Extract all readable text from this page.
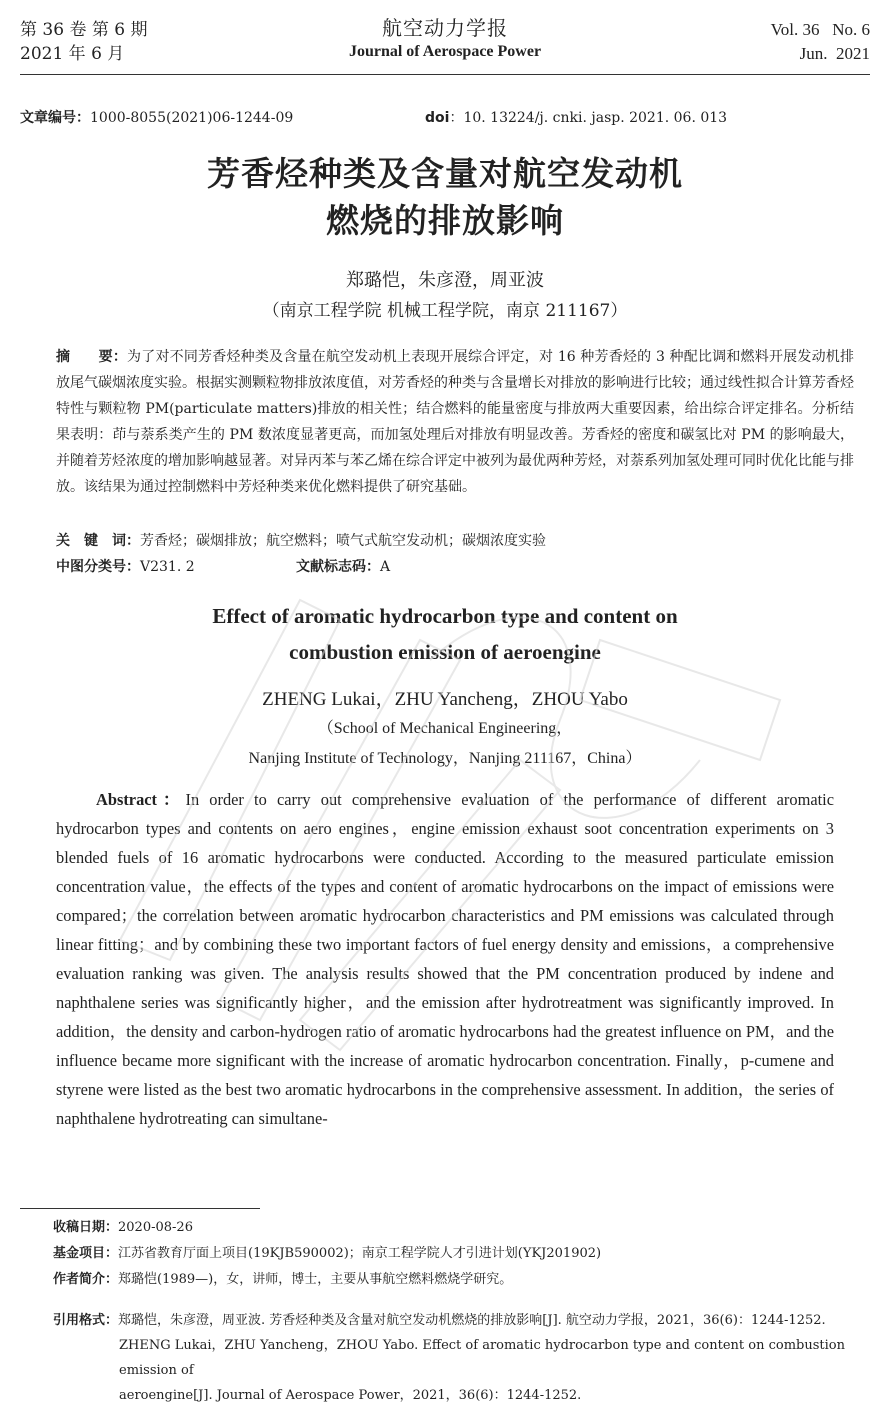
第 36 卷 第 6 期
2021 年 6 月
航空动力学报
Journal of Aerospace Power
Vol. 36   No. 6
Jun.  2021
文章编号：1000-8055(2021)06-1244-09	doi：10. 13224/j. cnki. jasp. 2021. 06. 013
芳香烃种类及含量对航空发动机
燃烧的排放影响
郑璐恺，朱彦澄，周亚波
（南京工程学院 机械工程学院，南京 211167）
摘　　要：为了对不同芳香烃种类及含量在航空发动机上表现开展综合评定，对 16 种芳香烃的 3 种配比调和燃料开展发动机排放尾气碳烟浓度实验。根据实测颗粒物排放浓度值，对芳香烃的种类与含量增长对排放的影响进行比较；通过线性拟合计算芳香烃特性与颗粒物 PM(particulate matters)排放的相关性；结合燃料的能量密度与排放两大重要因素，给出综合评定排名。分析结果表明：茚与萘系类产生的 PM 数浓度显著更高，而加氢处理后对排放有明显改善。芳香烃的密度和碳氢比对 PM 的影响最大，并随着芳烃浓度的增加影响越显著。对异丙苯与苯乙烯在综合评定中被列为最优两种芳烃，对萘系列加氢处理可同时优化比能与排放。该结果为通过控制燃料中芳烃种类来优化燃料提供了研究基础。
关　键　词：芳香烃；碳烟排放；航空燃料；喷气式航空发动机；碳烟浓度实验
中图分类号：V231. 2	文献标志码：A
Effect of aromatic hydrocarbon type and content on
combustion emission of aeroengine
ZHENG Lukai，ZHU Yancheng，ZHOU Yabo
（School of Mechanical Engineering，
Nanjing Institute of Technology，Nanjing 211167，China）
Abstract：In order to carry out comprehensive evaluation of the performance of different aromatic hydrocarbon types and contents on aero engines，engine emission exhaust soot concentration experiments on 3 blended fuels of 16 aromatic hydrocarbons were conducted. According to the measured particulate emission concentration value，the effects of the types and content of aromatic hydrocarbons on the impact of emissions were compared；the correlation between aromatic hydrocarbon characteristics and PM emissions was calculated through linear fitting；and by combining these two important factors of fuel energy density and emissions，a comprehensive evaluation ranking was given. The analysis results showed that the PM concentration produced by indene and naphthalene series was significantly higher，and the emission after hydrotreatment was significantly improved. In addition，the density and carbon-hydrogen ratio of aromatic hydrocarbons had the greatest influence on PM，and the influence became more significant with the increase of aromatic hydrocarbon concentration. Finally，p-cumene and styrene were listed as the best two aromatic hydrocarbons in the comprehensive assessment. In addition，the series of naphthalene hydrotreating can simultane-
收稿日期：2020-08-26
基金项目：江苏省教育厅面上项目(19KJB590002)；南京工程学院人才引进计划(YKJ201902)
作者简介：郑璐恺(1989—)，女，讲师，博士，主要从事航空燃料燃烧学研究。
引用格式：郑璐恺，朱彦澄，周亚波. 芳香烃种类及含量对航空发动机燃烧的排放影响[J]. 航空动力学报，2021，36(6)：1244-1252.
ZHENG Lukai，ZHU Yancheng，ZHOU Yabo. Effect of aromatic hydrocarbon type and content on combustion emission of
aeroengine[J]. Journal of Aerospace Power，2021，36(6)：1244-1252.
